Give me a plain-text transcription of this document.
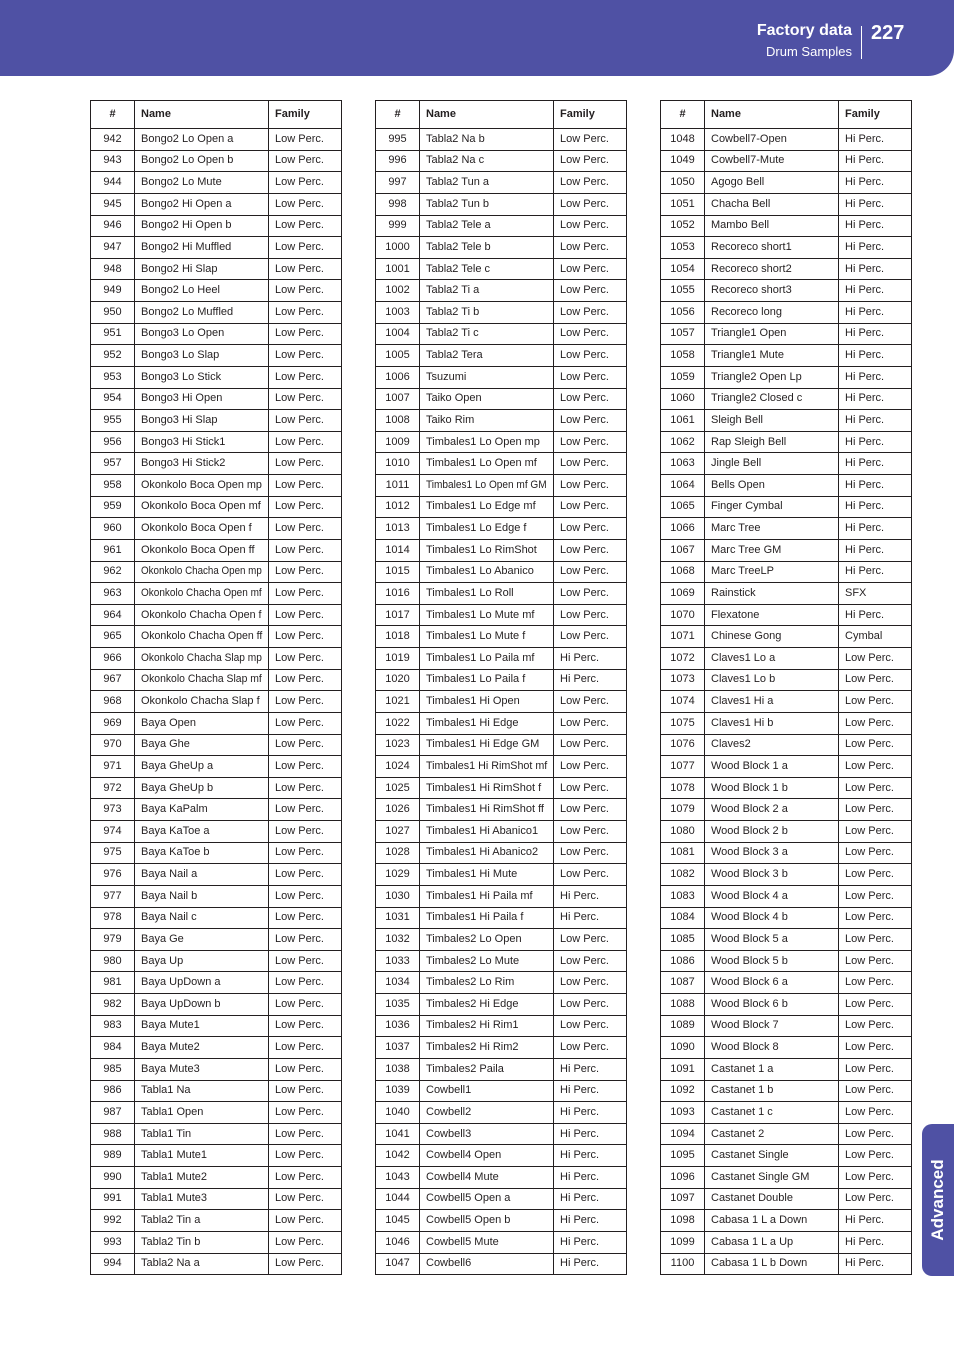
Factory data
Drum Samples
227
Advanced
#	Name	Family
942	Bongo2 Lo Open a	Low Perc.
943	Bongo2 Lo Open b	Low Perc.
944	Bongo2 Lo Mute	Low Perc.
945	Bongo2 Hi Open a	Low Perc.
946	Bongo2 Hi Open b	Low Perc.
947	Bongo2 Hi Muffled	Low Perc.
948	Bongo2 Hi Slap	Low Perc.
949	Bongo2 Lo Heel	Low Perc.
950	Bongo2 Lo Muffled	Low Perc.
951	Bongo3 Lo Open	Low Perc.
952	Bongo3 Lo Slap	Low Perc.
953	Bongo3 Lo Stick	Low Perc.
954	Bongo3 Hi Open	Low Perc.
955	Bongo3 Hi Slap	Low Perc.
956	Bongo3 Hi Stick1	Low Perc.
957	Bongo3 Hi Stick2	Low Perc.
958	Okonkolo Boca Open mp	Low Perc.
959	Okonkolo Boca Open mf	Low Perc.
960	Okonkolo Boca Open f	Low Perc.
961	Okonkolo Boca Open ff	Low Perc.
962	Okonkolo Chacha Open mp	Low Perc.
963	Okonkolo Chacha Open mf	Low Perc.
964	Okonkolo Chacha Open f	Low Perc.
965	Okonkolo Chacha Open ff	Low Perc.
966	Okonkolo Chacha Slap mp	Low Perc.
967	Okonkolo Chacha Slap mf	Low Perc.
968	Okonkolo Chacha Slap f	Low Perc.
969	Baya Open	Low Perc.
970	Baya Ghe	Low Perc.
971	Baya GheUp a	Low Perc.
972	Baya GheUp b	Low Perc.
973	Baya KaPalm	Low Perc.
974	Baya KaToe a	Low Perc.
975	Baya KaToe b	Low Perc.
976	Baya Nail a	Low Perc.
977	Baya Nail b	Low Perc.
978	Baya Nail c	Low Perc.
979	Baya Ge	Low Perc.
980	Baya Up	Low Perc.
981	Baya UpDown a	Low Perc.
982	Baya UpDown b	Low Perc.
983	Baya Mute1	Low Perc.
984	Baya Mute2	Low Perc.
985	Baya Mute3	Low Perc.
986	Tabla1 Na	Low Perc.
987	Tabla1 Open	Low Perc.
988	Tabla1 Tin	Low Perc.
989	Tabla1 Mute1	Low Perc.
990	Tabla1 Mute2	Low Perc.
991	Tabla1 Mute3	Low Perc.
992	Tabla2 Tin a	Low Perc.
993	Tabla2 Tin b	Low Perc.
994	Tabla2 Na a	Low Perc.
#	Name	Family
995	Tabla2 Na b	Low Perc.
996	Tabla2 Na c	Low Perc.
997	Tabla2 Tun a	Low Perc.
998	Tabla2 Tun b	Low Perc.
999	Tabla2 Tele a	Low Perc.
1000	Tabla2 Tele b	Low Perc.
1001	Tabla2 Tele c	Low Perc.
1002	Tabla2 Ti a	Low Perc.
1003	Tabla2 Ti b	Low Perc.
1004	Tabla2 Ti c	Low Perc.
1005	Tabla2 Tera	Low Perc.
1006	Tsuzumi	Low Perc.
1007	Taiko Open	Low Perc.
1008	Taiko Rim	Low Perc.
1009	Timbales1 Lo Open mp	Low Perc.
1010	Timbales1 Lo Open mf	Low Perc.
1011	Timbales1 Lo Open mf GM	Low Perc.
1012	Timbales1 Lo Edge mf	Low Perc.
1013	Timbales1 Lo Edge f	Low Perc.
1014	Timbales1 Lo RimShot	Low Perc.
1015	Timbales1 Lo Abanico	Low Perc.
1016	Timbales1 Lo Roll	Low Perc.
1017	Timbales1 Lo Mute mf	Low Perc.
1018	Timbales1 Lo Mute f	Low Perc.
1019	Timbales1 Lo Paila mf	Hi Perc.
1020	Timbales1 Lo Paila f	Hi Perc.
1021	Timbales1 Hi Open	Low Perc.
1022	Timbales1 Hi Edge	Low Perc.
1023	Timbales1 Hi Edge GM	Low Perc.
1024	Timbales1 Hi RimShot mf	Low Perc.
1025	Timbales1 Hi RimShot f	Low Perc.
1026	Timbales1 Hi RimShot ff	Low Perc.
1027	Timbales1 Hi Abanico1	Low Perc.
1028	Timbales1 Hi Abanico2	Low Perc.
1029	Timbales1 Hi Mute	Low Perc.
1030	Timbales1 Hi Paila mf	Hi Perc.
1031	Timbales1 Hi Paila f	Hi Perc.
1032	Timbales2 Lo Open	Low Perc.
1033	Timbales2 Lo Mute	Low Perc.
1034	Timbales2 Lo Rim	Low Perc.
1035	Timbales2 Hi Edge	Low Perc.
1036	Timbales2 Hi Rim1	Low Perc.
1037	Timbales2 Hi Rim2	Low Perc.
1038	Timbales2 Paila	Hi Perc.
1039	Cowbell1	Hi Perc.
1040	Cowbell2	Hi Perc.
1041	Cowbell3	Hi Perc.
1042	Cowbell4 Open	Hi Perc.
1043	Cowbell4 Mute	Hi Perc.
1044	Cowbell5 Open a	Hi Perc.
1045	Cowbell5 Open b	Hi Perc.
1046	Cowbell5 Mute	Hi Perc.
1047	Cowbell6	Hi Perc.
#	Name	Family
1048	Cowbell7-Open	Hi Perc.
1049	Cowbell7-Mute	Hi Perc.
1050	Agogo Bell	Hi Perc.
1051	Chacha Bell	Hi Perc.
1052	Mambo Bell	Hi Perc.
1053	Recoreco short1	Hi Perc.
1054	Recoreco short2	Hi Perc.
1055	Recoreco short3	Hi Perc.
1056	Recoreco long	Hi Perc.
1057	Triangle1 Open	Hi Perc.
1058	Triangle1 Mute	Hi Perc.
1059	Triangle2 Open Lp	Hi Perc.
1060	Triangle2 Closed c	Hi Perc.
1061	Sleigh Bell	Hi Perc.
1062	Rap Sleigh Bell	Hi Perc.
1063	Jingle Bell	Hi Perc.
1064	Bells Open	Hi Perc.
1065	Finger Cymbal	Hi Perc.
1066	Marc Tree	Hi Perc.
1067	Marc Tree GM	Hi Perc.
1068	Marc TreeLP	Hi Perc.
1069	Rainstick	SFX
1070	Flexatone	Hi Perc.
1071	Chinese Gong	Cymbal
1072	Claves1 Lo a	Low Perc.
1073	Claves1 Lo b	Low Perc.
1074	Claves1 Hi a	Low Perc.
1075	Claves1 Hi b	Low Perc.
1076	Claves2	Low Perc.
1077	Wood Block 1 a	Low Perc.
1078	Wood Block 1 b	Low Perc.
1079	Wood Block 2 a	Low Perc.
1080	Wood Block 2 b	Low Perc.
1081	Wood Block 3 a	Low Perc.
1082	Wood Block 3 b	Low Perc.
1083	Wood Block 4 a	Low Perc.
1084	Wood Block 4 b	Low Perc.
1085	Wood Block 5 a	Low Perc.
1086	Wood Block 5 b	Low Perc.
1087	Wood Block 6 a	Low Perc.
1088	Wood Block 6 b	Low Perc.
1089	Wood Block 7	Low Perc.
1090	Wood Block 8	Low Perc.
1091	Castanet 1 a	Low Perc.
1092	Castanet 1 b	Low Perc.
1093	Castanet 1 c	Low Perc.
1094	Castanet 2	Low Perc.
1095	Castanet Single	Low Perc.
1096	Castanet Single GM	Low Perc.
1097	Castanet Double	Low Perc.
1098	Cabasa 1 L a Down	Hi Perc.
1099	Cabasa 1 L a Up	Hi Perc.
1100	Cabasa 1 L b Down	Hi Perc.
